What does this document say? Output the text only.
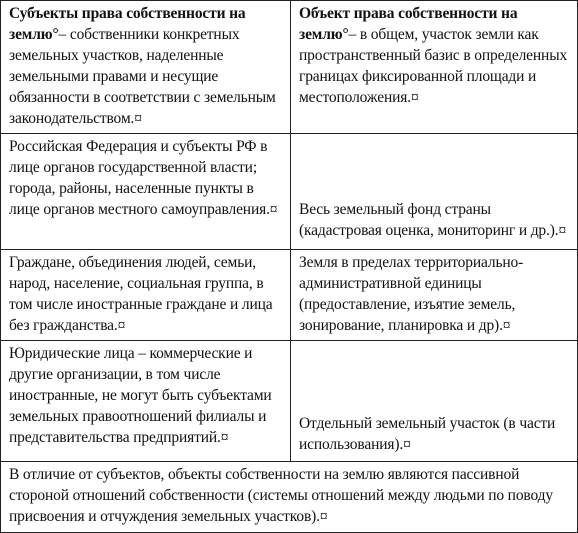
Субъекты права собственности на землю°– собственники конкретных земельных участков, наделенные земельными правами и несущие обязанности в соответствии с земельным законодательством.¤	Объект права собственности на землю°– в общем, участок земли как пространственный базис в определенных границах фиксированной площади и местоположения.¤
Российская Федерация и субъекты РФ в лице органов государственной власти; города, районы, населенные пункты в лице органов местного самоуправления.¤	Весь земельный фонд страны (кадастровая оценка, мониторинг и др.).¤
Граждане, объединения людей, семьи, народ, население, социальная группа, в том числе иностранные граждане и лица без гражданства.¤	Земля в пределах территориально-административной единицы (предоставление, изъятие земель, зонирование, планировка и др).¤
Юридические лица – коммерческие и другие организации, в том числе иностранные, не могут быть субъектами земельных правоотношений филиалы и представительства предприятий.¤	Отдельный земельный участок (в части использования).¤
В отличие от субъектов, объекты собственности на землю являются пассивной стороной отношений собственности (системы отношений между людьми по поводу присвоения и отчуждения земельных участков).¤	
